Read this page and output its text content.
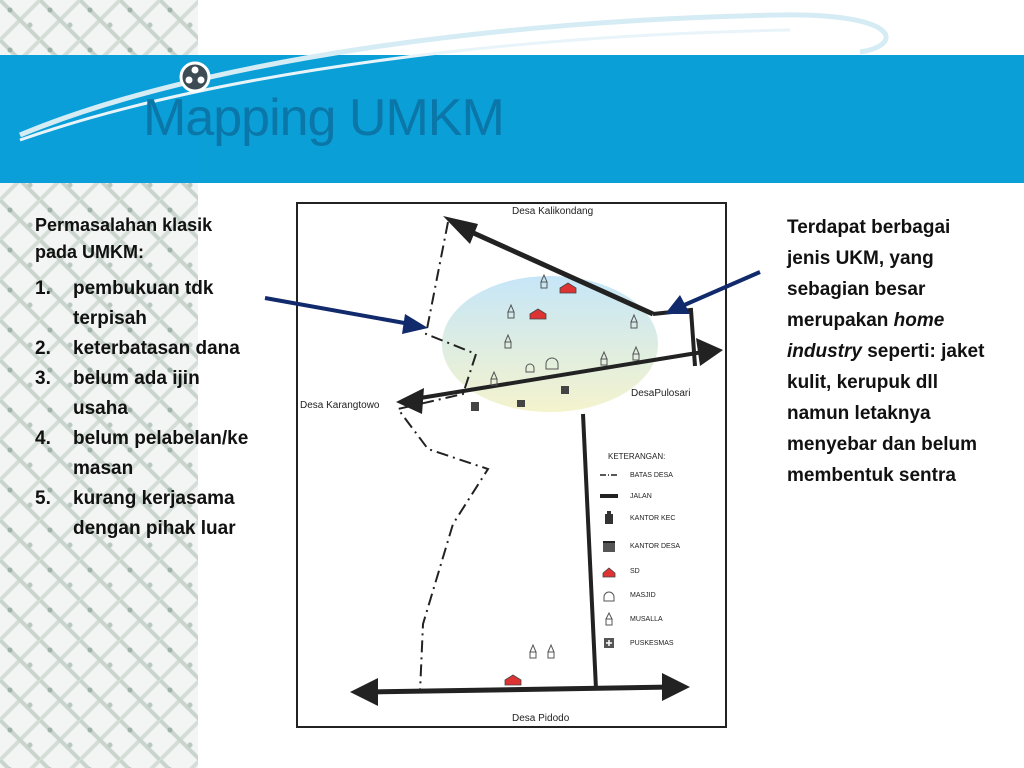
Mapping UMKM
Permasalahan klasik pada UMKM:
1. pembukuan tdk terpisah
2. keterbatasan dana
3. belum ada ijin usaha
4. belum pelabelan/kemasan
5. kurang kerjasama dengan pihak luar
Terdapat berbagai jenis UKM, yang sebagian besar merupakan home industry seperti: jaket kulit, kerupuk dll namun letaknya menyebar dan belum membentuk sentra
Desa Kalikondang
Desa Karangtowo
DesaPulosari
Desa Pidodo
KETERANGAN:
BATAS DESA
JALAN
KANTOR KEC
KANTOR DESA
SD
MASJID
MUSALLA
PUSKESMAS
